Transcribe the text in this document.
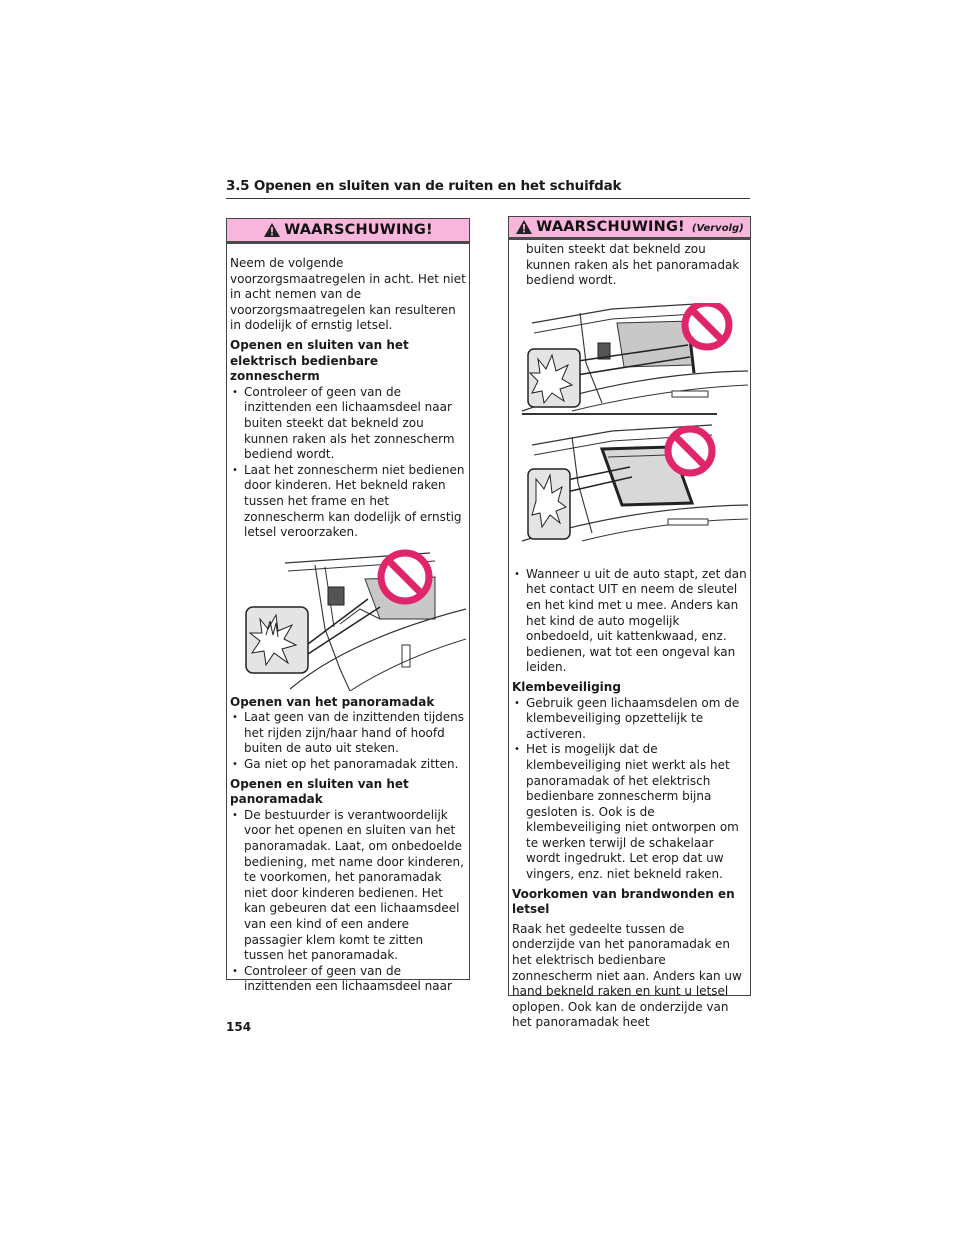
3.5 Openen en sluiten van de ruiten en het schuifdak
WAARSCHUWING!

Neem de volgende voorzorgsmaatregelen in acht. Het niet in acht nemen van de voorzorgsmaatregelen kan resulteren in dodelijk of ernstig letsel.

Openen en sluiten van het elektrisch bedienbare zonnescherm
• Controleer of geen van de inzittenden een lichaamsdeel naar buiten steekt dat bekneld zou kunnen raken als het zonnescherm bediend wordt.
• Laat het zonnescherm niet bedienen door kinderen. Het bekneld raken tussen het frame en het zonnescherm kan dodelijk of ernstig letsel veroorzaken.
Openen van het panoramadak
• Laat geen van de inzittenden tijdens het rijden zijn/haar hand of hoofd buiten de auto uit steken.
• Ga niet op het panoramadak zitten.
Openen en sluiten van het panoramadak
• De bestuurder is verantwoordelijk voor het openen en sluiten van het panoramadak. Laat, om onbedoelde bediening, met name door kinderen, te voorkomen, het panoramadak niet door kinderen bedienen. Het kan gebeuren dat een lichaamsdeel van een kind of een andere passagier klem komt te zitten tussen het panoramadak.
• Controleer of geen van de inzittenden een lichaamsdeel naar
WAARSCHUWING! (Vervolg)

buiten steekt dat bekneld zou kunnen raken als het panoramadak bediend wordt.

• Wanneer u uit de auto stapt, zet dan het contact UIT en neem de sleutel en het kind met u mee. Anders kan het kind de auto mogelijk onbedoeld, uit kattenkwaad, enz. bedienen, wat tot een ongeval kan leiden.
Klembeveiliging
• Gebruik geen lichaamsdelen om de klembeveiliging opzettelijk te activeren.
• Het is mogelijk dat de klembeveiliging niet werkt als het panoramadak of het elektrisch bedienbare zonnescherm bijna gesloten is. Ook is de klembeveiliging niet ontworpen om te werken terwijl de schakelaar wordt ingedrukt. Let erop dat uw vingers, enz. niet bekneld raken.
Voorkomen van brandwonden en letsel

Raak het gedeelte tussen de onderzijde van het panoramadak en het elektrisch bedienbare zonnescherm niet aan. Anders kan uw hand bekneld raken en kunt u letsel oplopen. Ook kan de onderzijde van het panoramadak heet

154
